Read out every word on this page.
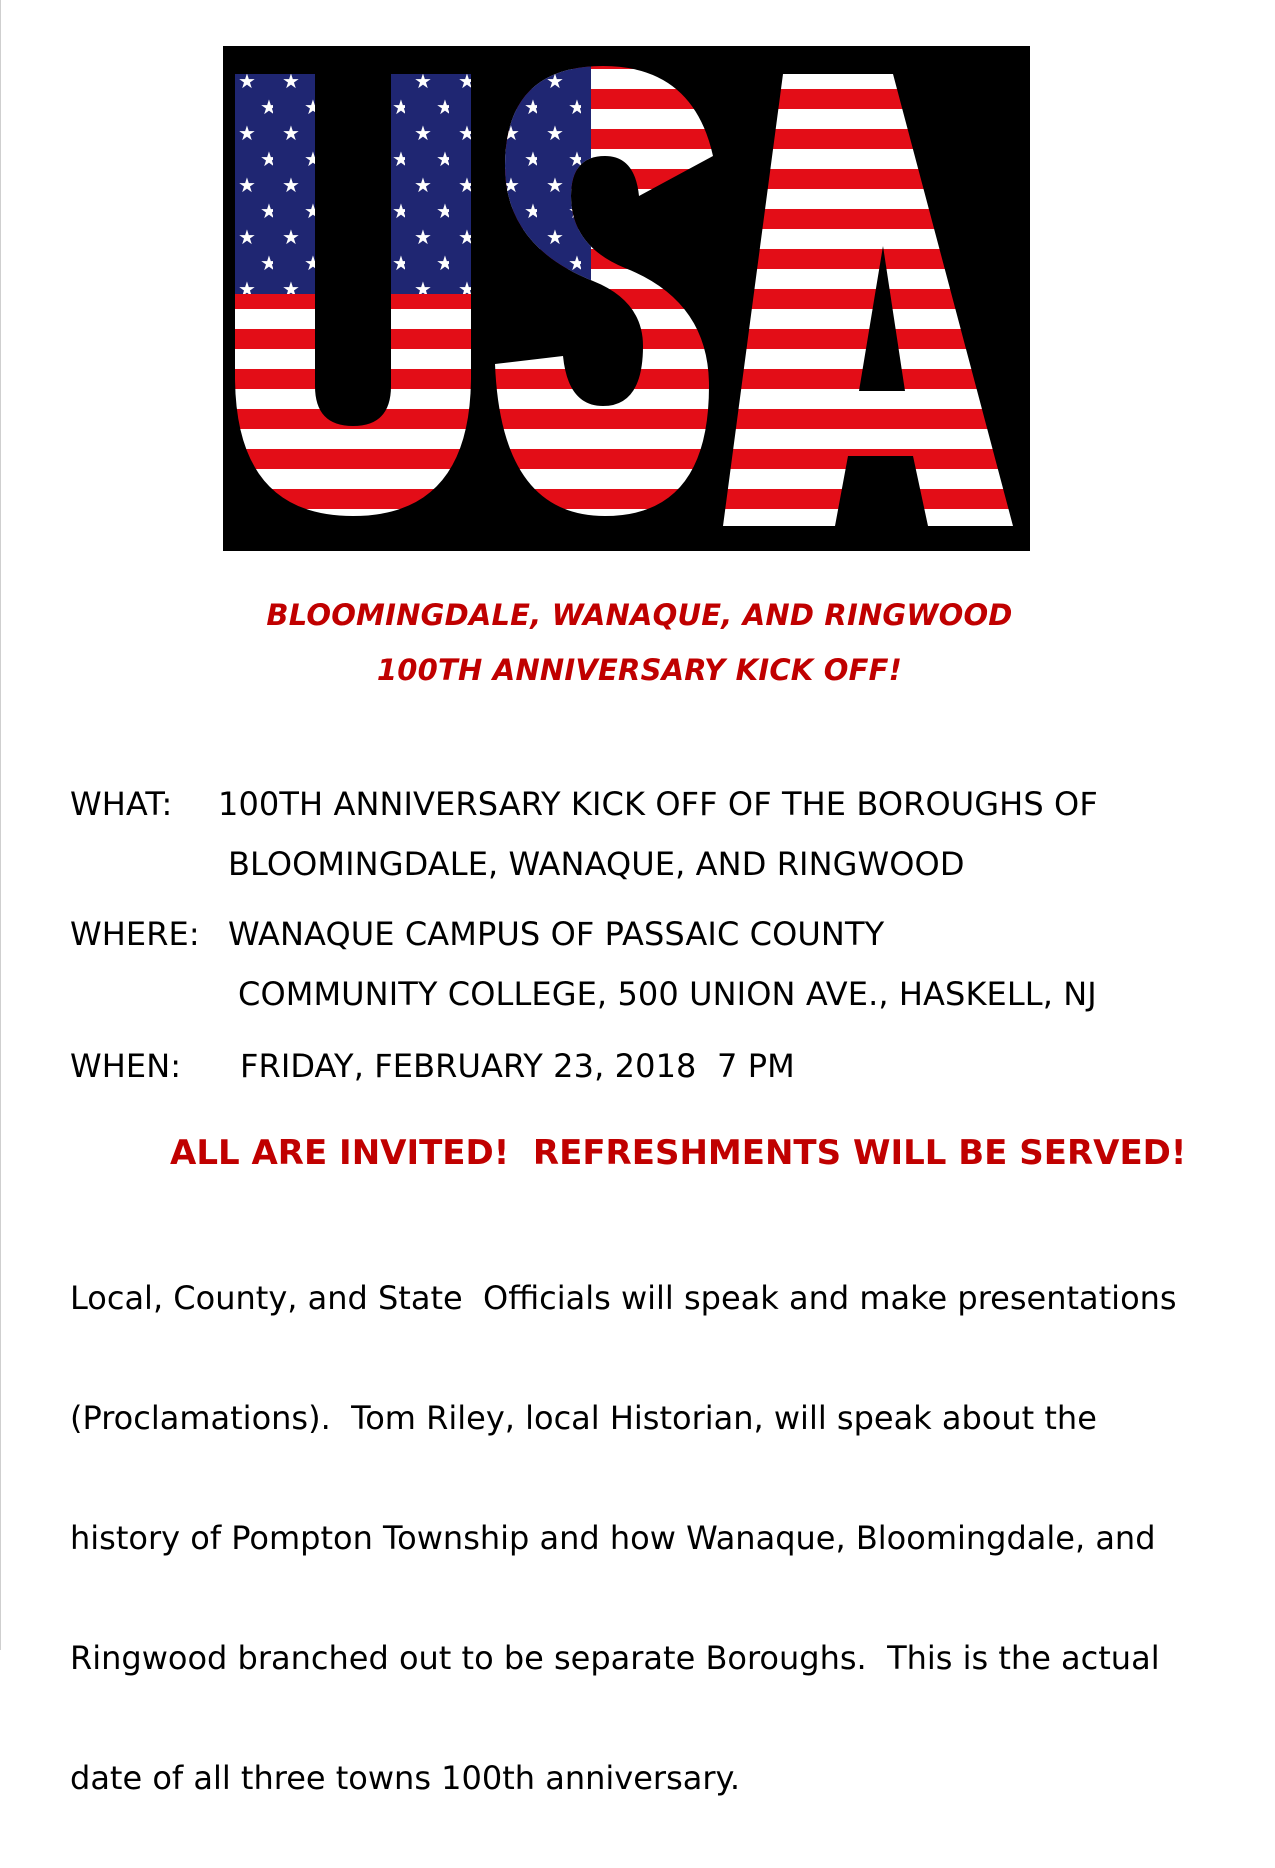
BLOOMINGDALE, WANAQUE, AND RINGWOOD
100TH ANNIVERSARY KICK OFF!
WHAT: 100TH ANNIVERSARY KICK OFF OF THE BOROUGHS OF
BLOOMINGDALE, WANAQUE, AND RINGWOOD
WHERE: WANAQUE CAMPUS OF PASSAIC COUNTY
COMMUNITY COLLEGE, 500 UNION AVE., HASKELL, NJ
WHEN: FRIDAY, FEBRUARY 23, 2018  7 PM
ALL ARE INVITED!  REFRESHMENTS WILL BE SERVED!

Local, County, and State  Officials will speak and make presentations

(Proclamations).  Tom Riley, local Historian, will speak about the

history of Pompton Township and how Wanaque, Bloomingdale, and

Ringwood branched out to be separate Boroughs.  This is the actual

date of all three towns 100th anniversary.
